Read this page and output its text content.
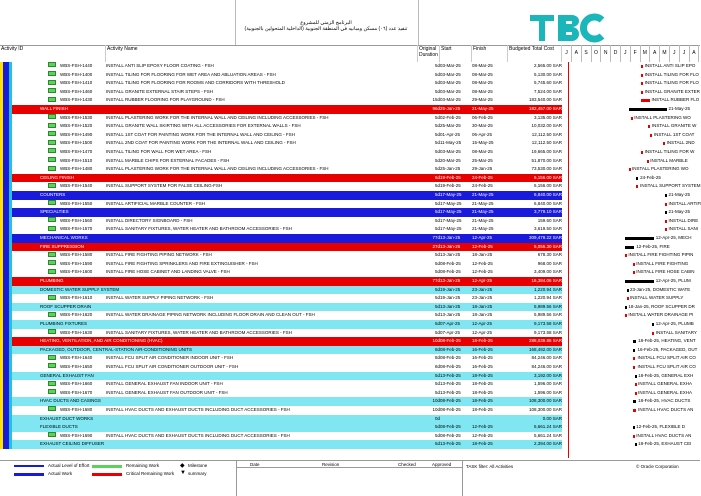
البرنامج الزمني للمشروع
تنفيذ عدد (٠٦) مسكن ومبانيه في المنطقة الجنوبية (الداخلية المتحولين بالجنوبية)
Activity ID	Activity Name	Original Duration
Start	Finish	Budgeted Total Cost
J	A	S	O	N	D	J	F	M	A	M	J	J	A
WBS-FSH-1440	INSTALL ANTI SLIP EPOXY FLOOR COATING - FSH	5d 03-Mar-25	08-Mar-25	2,565.00 SAR
WBS-FSH-1400	INSTALL TILING FOR FLOORING FOR WET AREA AND ABLUATION AREAS - FSH	5d 03-Mar-25	08-Mar-25	5,130.00 SAR
WBS-FSH-1410	INSTALL TILING FOR FLOORING FOR ROOMS AND CORRIDORS WITH THRESHOLD	5d 03-Mar-25	08-Mar-25	5,745.60 SAR
WBS-FSH-1460	INSTALL GRANITE EXTERNAL STAIR STEPS - FSH	5d 03-Mar-25	08-Mar-25	7,524.00 SAR
WBS-FSH-1430	INSTALL RUBBER FLOORING FOR PLAYGROUND - FSH	15d 03-Mar-25	29-Mar-25	183,540.00 SAR
WALL FINISH	96d 25-Jan-25	21-May-25	182,457.00 SAR
WBS-FSH-1530	INSTALL PLASTERING WORK FOR THE INTERNAL WALL AND CEILING INCLUDING ACCESSORIES - FSH	5d 02-Feb-25	06-Feb-25	3,135.00 SAR
WBS-FSH-1520	INSTALL GRANITE WALL SKIRTING WITH ALL ACCESSORIES FOR EXTERNAL WALLS - FSH	5d 25-Mar-25	30-Mar-25	10,032.00 SAR
WBS-FSH-1490	INSTALL 1ST COAT FOR PAINTING WORK FOR THE INTERNAL WALL AND CEILING - FSH	5d 01-Apr-25	06-Apr-25	12,112.50 SAR
WBS-FSH-1500	INSTALL 2ND COAT FOR PAINTING WORK FOR THE INTERNAL WALL AND CEILING - FSH	5d 11-May-25	15-May-25	12,112.50 SAR
WBS-FSH-1470	INSTALL TILING FOR WALL FOR WET AREA - FSH	5d 03-Mar-25	08-Mar-25	19,665.00 SAR
WBS-FSH-1510	INSTALL MARBLE CHIPS FOR EXTERNAL FACADES - FSH	5d 20-Mar-25	25-Mar-25	51,870.00 SAR
WBS-FSH-1480	INSTALL PLASTERING WORK FOR THE INTERNAL WALL AND CEILING INCLUDING ACCESSORIES - FSH	5d 25-Jan-25	29-Jan-25	73,530.00 SAR
CEILING FINISH	5d 19-Feb-25	24-Feb-25	6,156.00 SAR
WBS-FSH-1540	INSTALL SUPPORT SYSTEM FOR FALSE CEILING-FSH	5d 19-Feb-25	24-Feb-25	6,156.00 SAR
COUNTERS	5d 17-May-25	21-May-25	6,840.00 SAR
WBS-FSH-1550	INSTALL ARTIFICIAL MARBLE COUNTER - FSH	5d 17-May-25	21-May-25	6,840.00 SAR
SPECIALTIES	5d 17-May-25	21-May-25	3,779.10 SAR
WBS-FSH-1560	INSTALL DIRECTORY SIGNBOARD - FSH	5d 17-May-25	21-May-25	159.60 SAR
WBS-FSH-1570	INSTALL SANITARY FIXTURES, WATER HEATER AND BATHROOM ACCESSORIES - FSH	5d 17-May-25	21-May-25	3,619.50 SAR
MECHANICAL WORKS	77d 13-Jan-25	12-Apr-25	309,479.22 SAR
FIRE SUPPRESSION	27d 13-Jan-25	12-Feb-25	5,055.30 SAR
WBS-FSH-1580	INSTALL FIRE FIGHTING PIPING NETWORK - FSH	5d 13-Jan-25	18-Jan-25	678.30 SAR
WBS-FSH-1590	INSTALL FIRE FIGHTING SPRINKLERS AND FIRE EXTINGUISHER - FSH	5d 08-Feb-25	12-Feb-25	968.00 SAR
WBS-FSH-1600	INSTALL FIRE HOSE CABINET AND LANDING VALVE - FSH	5d 08-Feb-25	12-Feb-25	3,409.00 SAR
PLUMBING	77d 13-Jan-25	12-Apr-25	16,384.06 SAR
DOMESTIC WATER SUPPLY SYSTEM	5d 19-Jan-25	23-Jan-25	1,220.94 SAR
WBS-FSH-1610	INSTALL WATER SUPPLY PIPING NETWORK - FSH	5d 19-Jan-25	23-Jan-25	1,220.94 SAR
ROOF SCUPPER DRAIN	5d 13-Jan-25	18-Jan-25	5,989.56 SAR
WBS-FSH-1620	INSTALL WATER DRAINAGE PIPING NETWORK INCLUDING FLOOR DRAIN AND CLEAN OUT - FSH	5d 13-Jan-25	18-Jan-25	5,989.56 SAR
PLUMBING FIXTURES	5d 07-Apr-25	12-Apr-25	9,173.58 SAR
WBS-FSH-1630	INSTALL SANITARY FIXTURES, WATER HEATER AND BATHROOM ACCESSORIES - FSH	5d 07-Apr-25	12-Apr-25	9,173.58 SAR
HEATING, VENTILATION, AND AIR CONDITIONING (HVAC)	10d 08-Feb-25	18-Feb-25	288,039.86 SAR
PACKAGED, OUTDOOR, CENTRAL-STATION AIR-CONDITIONING UNITS	8d 08-Feb-25	16-Feb-25	168,492.00 SAR
WBS-FSH-1640	INSTALL FCU SPLIT AIR CONDITIONER INDOOR UNIT - FSH	8d 08-Feb-25	16-Feb-25	84,246.00 SAR
WBS-FSH-1650	INSTALL FCU SPLIT AIR CONDITIONER OUTDOOR UNIT - FSH	8d 08-Feb-25	16-Feb-25	84,246.00 SAR
GENERAL EXHAUST FAN	5d 13-Feb-25	18-Feb-25	3,192.00 SAR
WBS-FSH-1660	INSTALL GENERAL EXHAUST FAN INDOOR UNIT - FSH	5d 13-Feb-25	18-Feb-25	1,596.00 SAR
WBS-FSH-1670	INSTALL GENERAL EXHAUST FAN OUTDOOR UNIT - FSH	5d 13-Feb-25	18-Feb-25	1,596.00 SAR
HVAC DUCTS AND CASINGS	10d 08-Feb-25	18-Feb-25	108,300.00 SAR
WBS-FSH-1680	INSTALL HVAC DUCTS AND EXHAUST DUCTS INCLUDING DUCT ACCESSORIES - FSH	10d 08-Feb-25	18-Feb-25	108,300.00 SAR
EXHAUST DUCT WORKS	0d	0.00 SAR
FLEXIBLE DUCTS	5d 08-Feb-25	12-Feb-25	5,661.24 SAR
WBS-FSH-1690	INSTALL HVAC DUCTS AND EXHAUST DUCTS INCLUDING DUCT ACCESSORIES - FSH	5d 08-Feb-25	12-Feb-25	5,661.24 SAR
EXHAUST CEILING DIFFUSER	5d 13-Feb-25	18-Feb-25	2,394.00 SAR
INSTALL ANTI SLIP EPO
INSTALL TILING FOR FLO
INSTALL TILING FOR FLO
INSTALL GRANITE EXTER
INSTALL RUBBER FLO
21-May-25
INSTALL PLASTERING WO
INSTALL GRANITE W
INSTALL 1ST COAT
INSTALL 2ND
INSTALL TILING FOR W
INSTALL MARBLE
INSTALL PLASTERING WO
24-Feb-25
INSTALL SUPPORT SYSTEM
21-May-25
INSTALL ARTIFI
21-May-25
INSTALL DIRE
INSTALL SANI
12-Apr-25, MECH
12-Feb-25, FIRE
INSTALL FIRE FIGHTING PIPIN
INSTALL FIRE FIGHTING
INSTALL FIRE HOSE CABIN
12-Apr-25, PLUM
23-Jan-25, DOMESTIC WATE
INSTALL WATER SUPPLY
18-Jan-25, ROOF SCUPPER DR
INSTALL WATER DRAINAGE PI
12-Apr-25, PLUMB
INSTALL SANITARY
18-Feb-25, HEATING, VENT
16-Feb-25, PACKAGED, OUT
INSTALL FCU SPLIT AIR CO
INSTALL FCU SPLIT AIR CO
18-Feb-25, GENERAL EXH
INSTALL GENERAL EXHA
INSTALL GENERAL EXHA
18-Feb-25, HVAC DUCTS
INSTALL HVAC DUCTS AN
12-Feb-25, FLEXIBLE D
INSTALL HVAC DUCTS AN
18-Feb-25, EXHAUST CEI
Actual Level of Effort
Actual Work
Remaining Work
Critical Remaining Work
◆ Milestone
▼ summary
Date	Revision	Checked	Approved	TASK filter: All Activities	© Oracle Corporation
